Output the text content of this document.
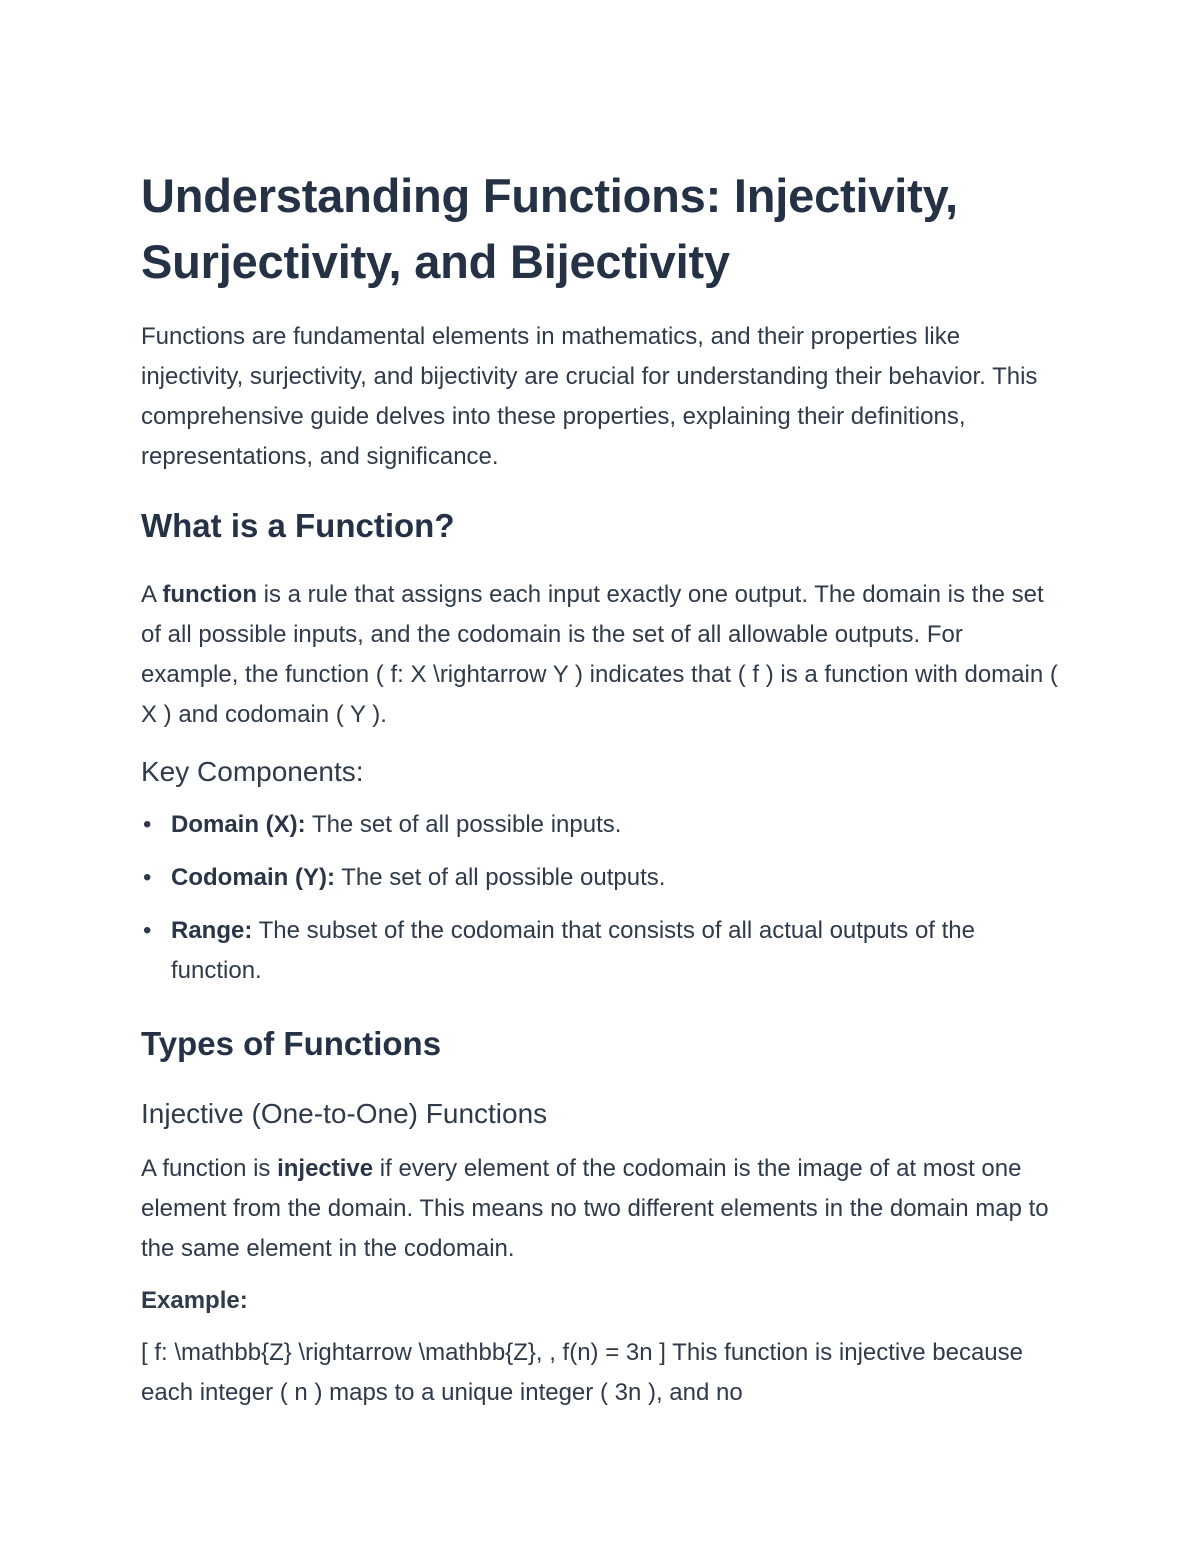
Understanding Functions: Injectivity, Surjectivity, and Bijectivity

Functions are fundamental elements in mathematics, and their properties like injectivity, surjectivity, and bijectivity are crucial for understanding their behavior. This comprehensive guide delves into these properties, explaining their definitions, representations, and significance.

What is a Function?

A function is a rule that assigns each input exactly one output. The domain is the set of all possible inputs, and the codomain is the set of all allowable outputs. For example, the function ( f: X \rightarrow Y ) indicates that ( f ) is a function with domain ( X ) and codomain ( Y ).

Key Components:
• Domain (X): The set of all possible inputs.
• Codomain (Y): The set of all possible outputs.
• Range: The subset of the codomain that consists of all actual outputs of the function.
Types of Functions
Injective (One-to-One) Functions

A function is injective if every element of the codomain is the image of at most one element from the domain. This means no two different elements in the domain map to the same element in the codomain.

Example:

[ f: \mathbb{Z} \rightarrow \mathbb{Z}, , f(n) = 3n ] This function is injective because each integer ( n ) maps to a unique integer ( 3n ), and no
